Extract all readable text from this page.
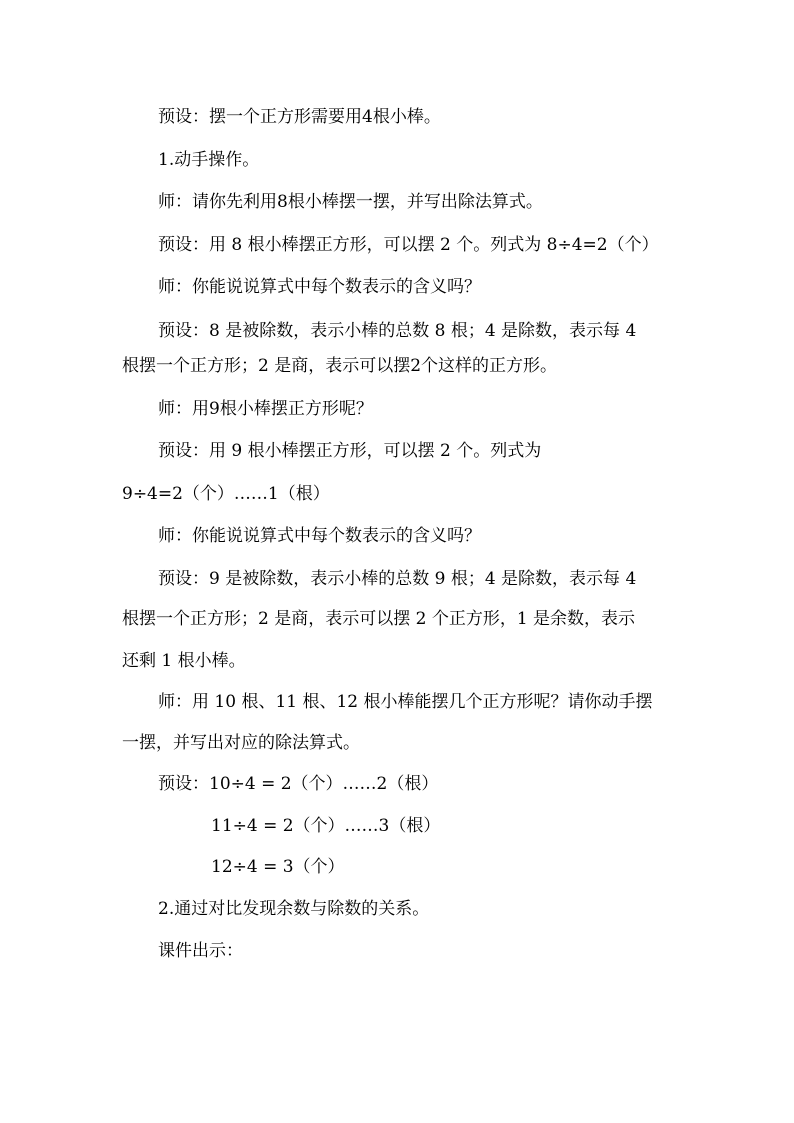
预设：摆一个正方形需要用4根小棒。
1.动手操作。
师：请你先利用8根小棒摆一摆，并写出除法算式。
预设：用 8 根小棒摆正方形，可以摆 2 个。列式为 8÷4=2（个）
师：你能说说算式中每个数表示的含义吗？
预设：8 是被除数，表示小棒的总数 8 根；4 是除数，表示每 4
根摆一个正方形；2 是商，表示可以摆2个这样的正方形。
师：用9根小棒摆正方形呢？
预设：用 9 根小棒摆正方形，可以摆 2 个。列式为
9÷4=2（个）……1（根）
师：你能说说算式中每个数表示的含义吗？
预设：9 是被除数，表示小棒的总数 9 根；4 是除数，表示每 4
根摆一个正方形；2 是商，表示可以摆 2 个正方形，1 是余数，表示
还剩 1 根小棒。
师：用 10 根、11 根、12 根小棒能摆几个正方形呢？请你动手摆
一摆，并写出对应的除法算式。
预设：10÷4 = 2（个）……2（根）
11÷4 = 2（个）……3（根）
12÷4 = 3（个）
2.通过对比发现余数与除数的关系。
课件出示：
